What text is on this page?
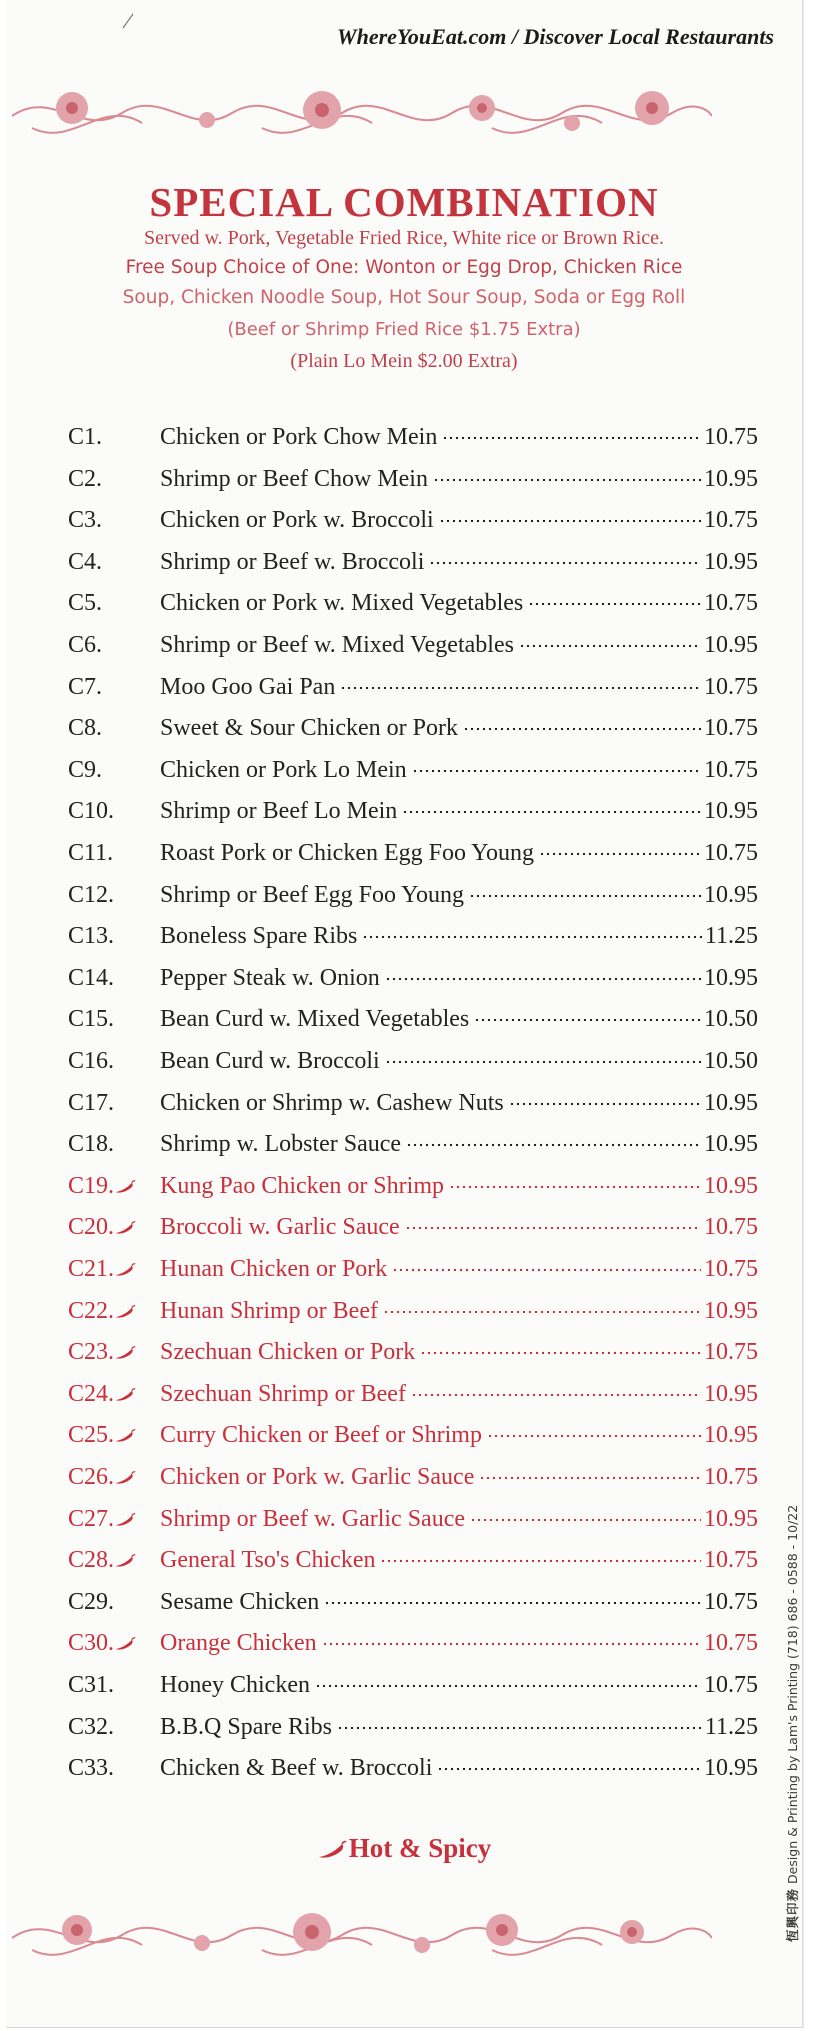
WhereYouEat.com / Discover Local Restaurants
SPECIAL COMBINATION
Served w. Pork, Vegetable Fried Rice, White rice or Brown Rice.
Free Soup Choice of One: Wonton or Egg Drop, Chicken Rice
Soup, Chicken Noodle Soup, Hot Sour Soup, Soda or Egg Roll
(Beef or Shrimp Fried Rice $1.75 Extra)
(Plain Lo Mein $2.00 Extra)
C1. Chicken or Pork Chow Mein	10.75
C2. Shrimp or Beef Chow Mein	10.95
C3. Chicken or Pork w. Broccoli	10.75
C4. Shrimp or Beef w. Broccoli	10.95
C5. Chicken or Pork w. Mixed Vegetables	10.75
C6. Shrimp or Beef w. Mixed Vegetables	10.95
C7. Moo Goo Gai Pan	10.75
C8. Sweet & Sour Chicken or Pork	10.75
C9. Chicken or Pork Lo Mein	10.75
C10. Shrimp or Beef Lo Mein	10.95
C11. Roast Pork or Chicken Egg Foo Young	10.75
C12. Shrimp or Beef Egg Foo Young	10.95
C13. Boneless Spare Ribs	11.25
C14. Pepper Steak w. Onion	10.95
C15. Bean Curd w. Mixed Vegetables	10.50
C16. Bean Curd w. Broccoli	10.50
C17. Chicken or Shrimp w. Cashew Nuts	10.95
C18. Shrimp w. Lobster Sauce	10.95
C19. Kung Pao Chicken or Shrimp	10.95
C20. Broccoli w. Garlic Sauce	10.75
C21. Hunan Chicken or Pork	10.75
C22. Hunan Shrimp or Beef	10.95
C23. Szechuan Chicken or Pork	10.75
C24. Szechuan Shrimp or Beef	10.95
C25. Curry Chicken or Beef or Shrimp	10.95
C26. Chicken or Pork w. Garlic Sauce	10.75
C27. Shrimp or Beef w. Garlic Sauce	10.95
C28. General Tso's Chicken	10.75
C29. Sesame Chicken	10.75
C30. Orange Chicken	10.75
C31. Honey Chicken	10.75
C32. B.B.Q Spare Ribs	11.25
C33. Chicken & Beef w. Broccoli	10.95
Hot & Spicy
恆興印務 Design & Printing by Lam's Printing (718) 686 - 0588 - 10/22
